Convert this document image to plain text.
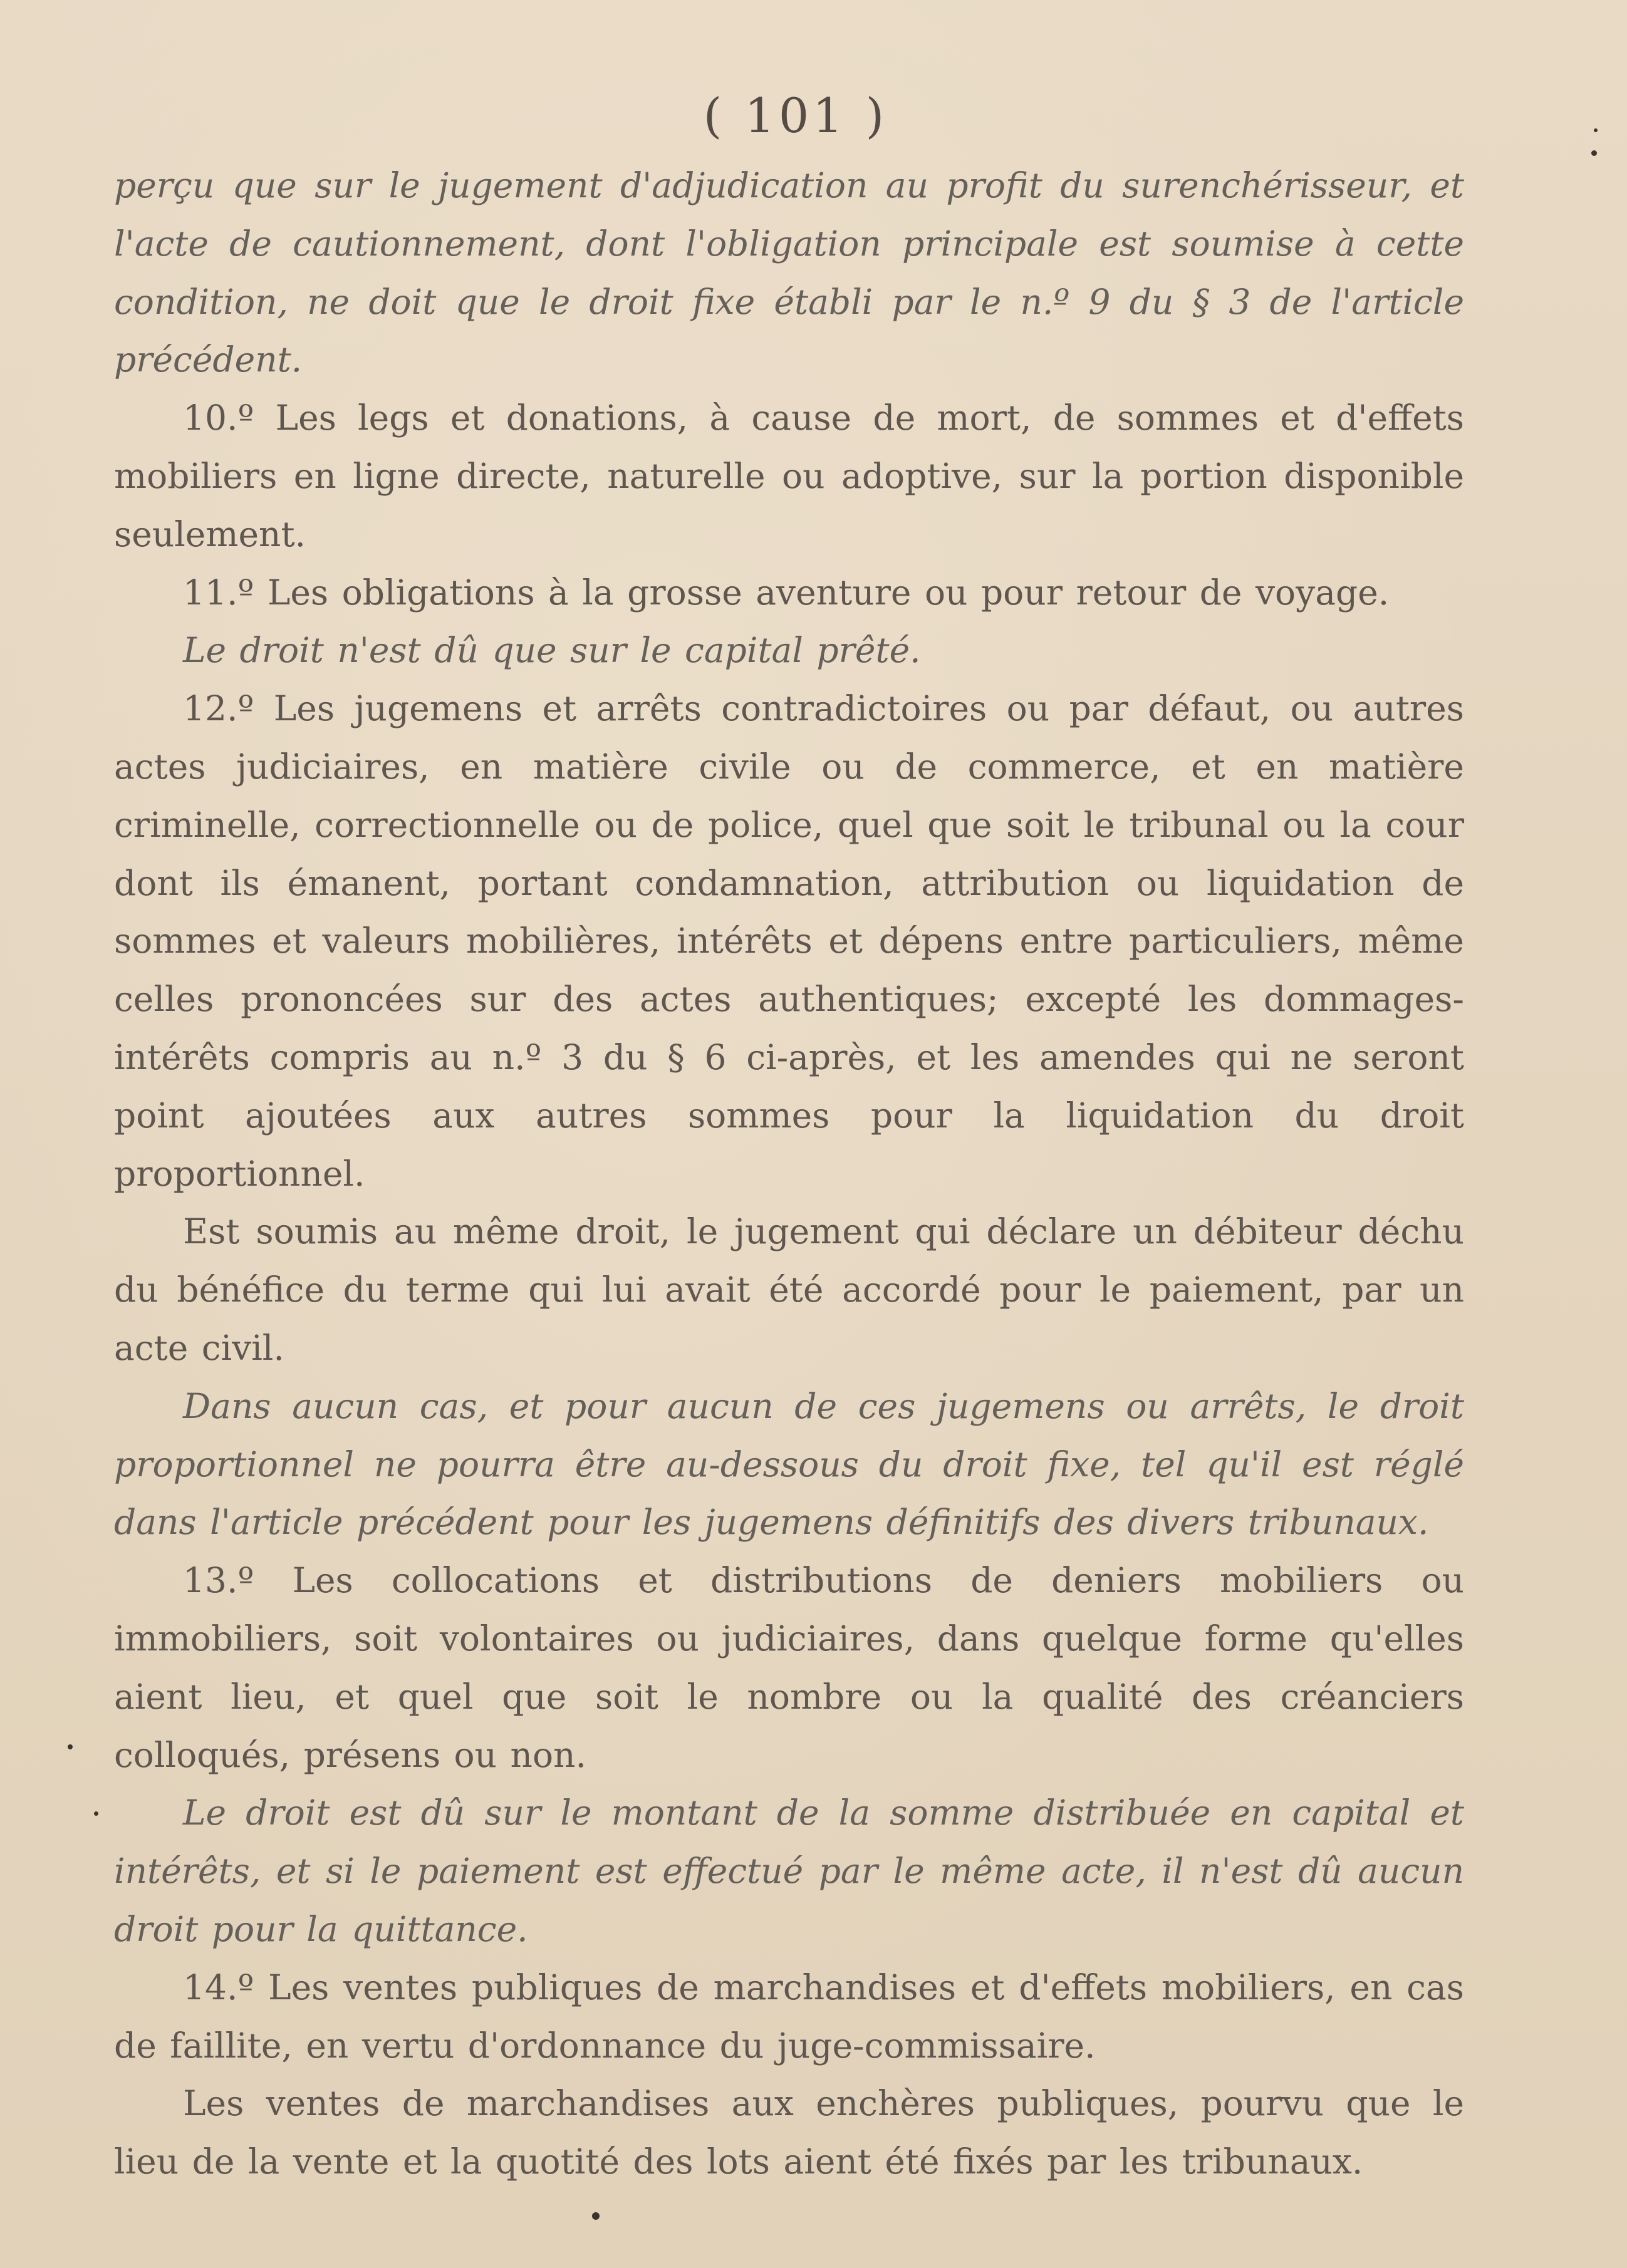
( 101 )

perçu que sur le jugement d'adjudication au profit du surenchérisseur, et l'acte de cautionnement, dont l'obligation principale est soumise à cette condition, ne doit que le droit fixe établi par le n.º 9 du § 3 de l'article précédent.

10.º Les legs et donations, à cause de mort, de sommes et d'effets mobiliers en ligne directe, naturelle ou adoptive, sur la portion disponible seulement.

11.º Les obligations à la grosse aventure ou pour retour de voyage.

Le droit n'est dû que sur le capital prêté.

12.º Les jugemens et arrêts contradictoires ou par défaut, ou autres actes judiciaires, en matière civile ou de commerce, et en matière criminelle, correctionnelle ou de police, quel que soit le tribunal ou la cour dont ils émanent, portant condamnation, attribution ou liquidation de sommes et valeurs mobilières, intérêts et dépens entre particuliers, même celles prononcées sur des actes authentiques; excepté les dommages-intérêts compris au n.º 3 du § 6 ci-après, et les amendes qui ne seront point ajoutées aux autres sommes pour la liquidation du droit proportionnel.

Est soumis au même droit, le jugement qui déclare un débiteur déchu du bénéfice du terme qui lui avait été accordé pour le paiement, par un acte civil.

Dans aucun cas, et pour aucun de ces jugemens ou arrêts, le droit proportionnel ne pourra être au-dessous du droit fixe, tel qu'il est réglé dans l'article précédent pour les jugemens définitifs des divers tribunaux.

13.º Les collocations et distributions de deniers mobiliers ou immobiliers, soit volontaires ou judiciaires, dans quelque forme qu'elles aient lieu, et quel que soit le nombre ou la qualité des créanciers colloqués, présens ou non.

Le droit est dû sur le montant de la somme distribuée en capital et intérêts, et si le paiement est effectué par le même acte, il n'est dû aucun droit pour la quittance.

14.º Les ventes publiques de marchandises et d'effets mobiliers, en cas de faillite, en vertu d'ordonnance du juge-commissaire.

Les ventes de marchandises aux enchères publiques, pourvu que le lieu de la vente et la quotité des lots aient été fixés par les tribunaux.
